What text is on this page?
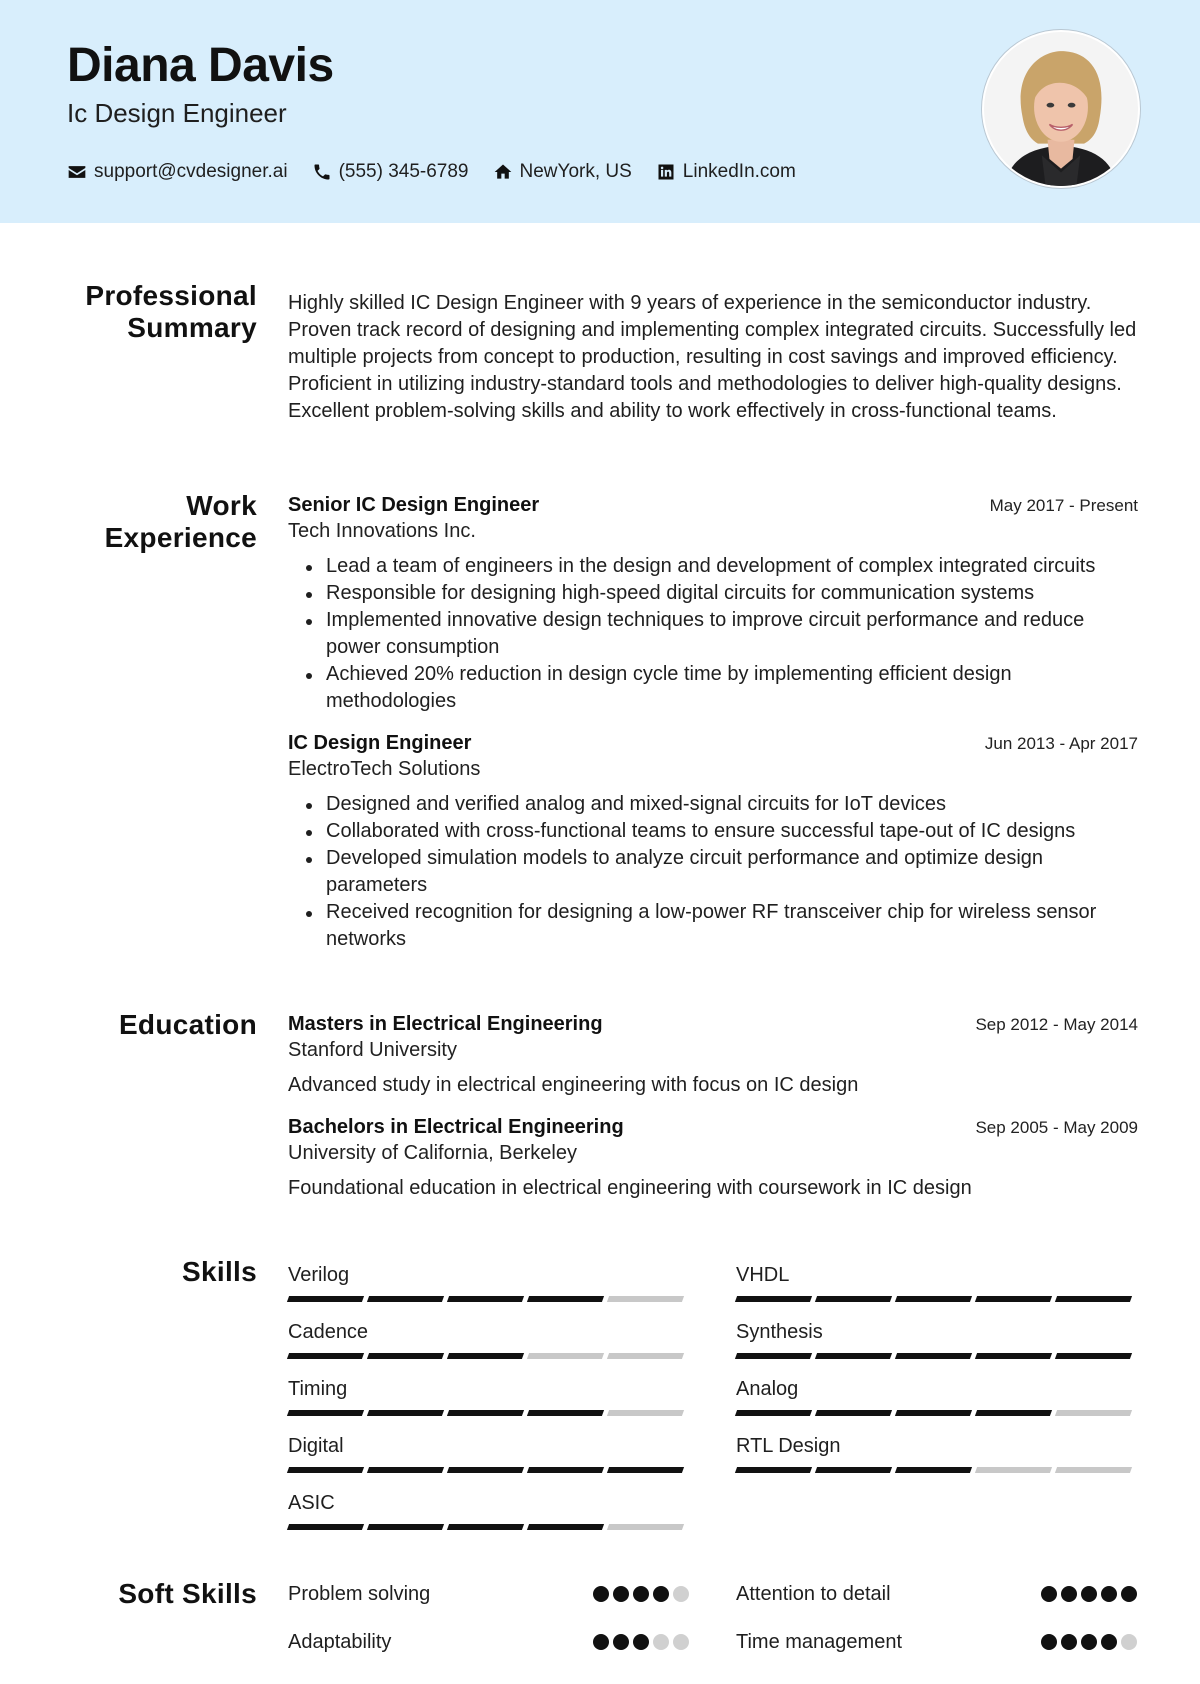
Diana Davis
Ic Design Engineer
support@cvdesigner.ai	(555) 345-6789	NewYork, US	LinkedIn.com
Professional
Summary
Highly skilled IC Design Engineer with 9 years of experience in the semiconductor industry. Proven track record of designing and implementing complex integrated circuits. Successfully led multiple projects from concept to production, resulting in cost savings and improved efficiency. Proficient in utilizing industry-standard tools and methodologies to deliver high-quality designs. Excellent problem-solving skills and ability to work effectively in cross-functional teams.
Work
Experience
Senior IC Design Engineer	May 2017 - Present
Tech Innovations Inc.
Lead a team of engineers in the design and development of complex integrated circuits
Responsible for designing high-speed digital circuits for communication systems
Implemented innovative design techniques to improve circuit performance and reduce power consumption
Achieved 20% reduction in design cycle time by implementing efficient design methodologies
IC Design Engineer	Jun 2013 - Apr 2017
ElectroTech Solutions
Designed and verified analog and mixed-signal circuits for IoT devices
Collaborated with cross-functional teams to ensure successful tape-out of IC designs
Developed simulation models to analyze circuit performance and optimize design parameters
Received recognition for designing a low-power RF transceiver chip for wireless sensor networks
Education Masters in Electrical Engineering	Sep 2012 - May 2014
Stanford University
Advanced study in electrical engineering with focus on IC design
Bachelors in Electrical Engineering	Sep 2005 - May 2009
University of California, Berkeley
Foundational education in electrical engineering with coursework in IC design
Skills Verilog	VHDL
Cadence	Synthesis
Timing	Analog
Digital	RTL Design
ASIC
Soft Skills Problem solving	Attention to detail
Adaptability	Time management
